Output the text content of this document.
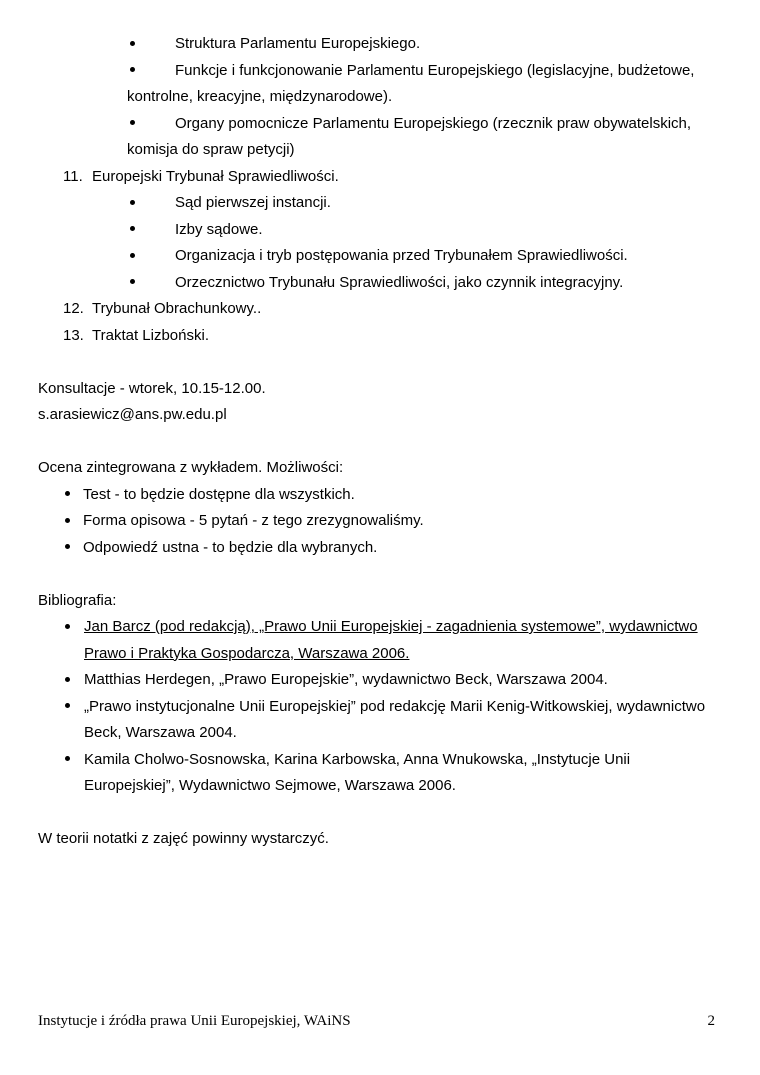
Struktura Parlamentu Europejskiego.
Funkcje i funkcjonowanie Parlamentu Europejskiego (legislacyjne, budżetowe, kontrolne, kreacyjne, międzynarodowe).
Organy pomocnicze Parlamentu Europejskiego (rzecznik praw obywatelskich, komisja do spraw petycji)
11. Europejski Trybunał Sprawiedliwości.
Sąd pierwszej instancji.
Izby sądowe.
Organizacja i tryb postępowania przed Trybunałem Sprawiedliwości.
Orzecznictwo Trybunału Sprawiedliwości, jako czynnik integracyjny.
12. Trybunał Obrachunkowy..
13. Traktat Lizboński.
Konsultacje - wtorek, 10.15-12.00.
s.arasiewicz@ans.pw.edu.pl
Ocena zintegrowana z wykładem. Możliwości:
Test - to będzie dostępne dla wszystkich.
Forma opisowa - 5 pytań - z tego zrezygnowaliśmy.
Odpowiedź ustna - to będzie dla wybranych.
Bibliografia:
Jan Barcz (pod redakcją), „Prawo Unii Europejskiej - zagadnienia systemowe”, wydawnictwo Prawo i Praktyka Gospodarcza, Warszawa 2006.
Matthias Herdegen, „Prawo Europejskie”, wydawnictwo Beck, Warszawa 2004.
„Prawo instytucjonalne Unii Europejskiej” pod redakcję Marii Kenig-Witkowskiej, wydawnictwo Beck, Warszawa 2004.
Kamila Cholwo-Sosnowska, Karina Karbowska, Anna Wnukowska, „Instytucje Unii Europejskiej”, Wydawnictwo Sejmowe, Warszawa 2006.
W teorii notatki z zajęć powinny wystarczyć.
Instytucje i źródła prawa Unii Europejskiej, WAiNS	2
